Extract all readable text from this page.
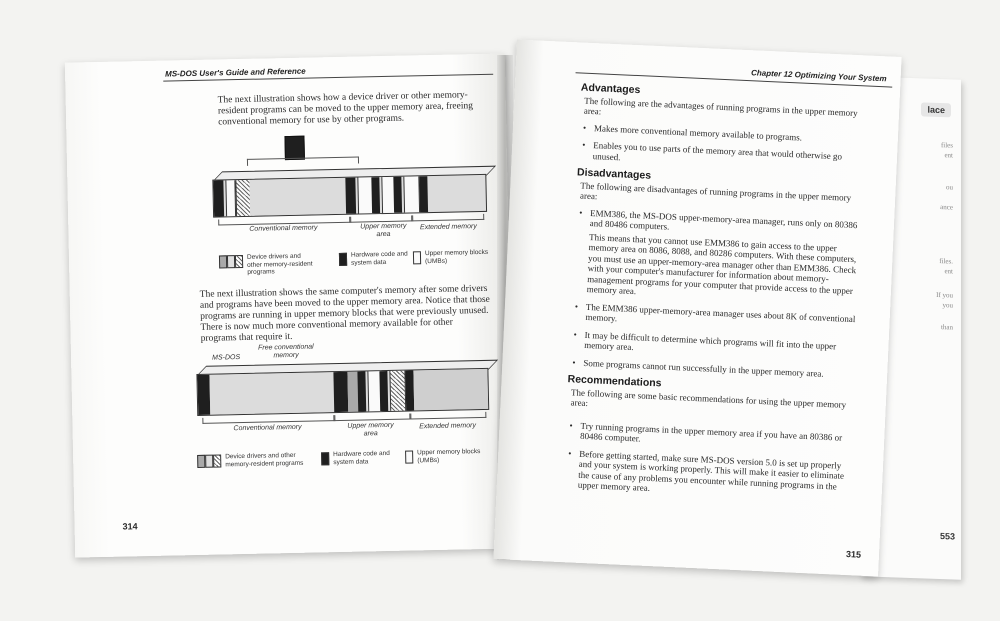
lace
files
ent
ou
ance
files.
ent
If you
you
than
553
MS-DOS User's Guide and Reference
The next illustration shows how a device driver or other memory-resident programs can be moved to the upper memory area, freeing conventional memory for use by other programs.
Conventional memory	Upper memory area
Extended memory
Device drivers and other memory-resident programs
Hardware code and system data
Upper memory blocks (UMBs)
The next illustration shows the same computer's memory after some drivers and programs have been moved to the upper memory area. Notice that those programs are running in upper memory blocks that were previously unused. There is now much more conventional memory available for other programs that require it.
MS-DOS
Free conventional memory
Conventional memory	Upper memory area
Extended memory
Device drivers and other memory-resident programs
Hardware code and system data
Upper memory blocks (UMBs)
314
Chapter 12 Optimizing Your System
Advantages
The following are the advantages of running programs in the upper memory area:
• Makes more conventional memory available to programs.
• Enables you to use parts of the memory area that would otherwise go unused.
Disadvantages
The following are disadvantages of running programs in the upper memory area:
• EMM386, the MS-DOS upper-memory-area manager, runs only on 80386 and 80486 computers.
This means that you cannot use EMM386 to gain access to the upper memory area on 8086, 8088, and 80286 computers. With these computers, you must use an upper-memory-area manager other than EMM386. Check with your computer's manufacturer for information about memory-management programs for your computer that provide access to the upper memory area.
• The EMM386 upper-memory-area manager uses about 8K of conventional memory.
• It may be difficult to determine which programs will fit into the upper memory area.
• Some programs cannot run successfully in the upper memory area.
Recommendations
The following are some basic recommendations for using the upper memory area:
• Try running programs in the upper memory area if you have an 80386 or 80486 computer.
• Before getting started, make sure MS-DOS version 5.0 is set up properly and your system is working properly. This will make it easier to eliminate the cause of any problems you encounter while running programs in the upper memory area.
315
